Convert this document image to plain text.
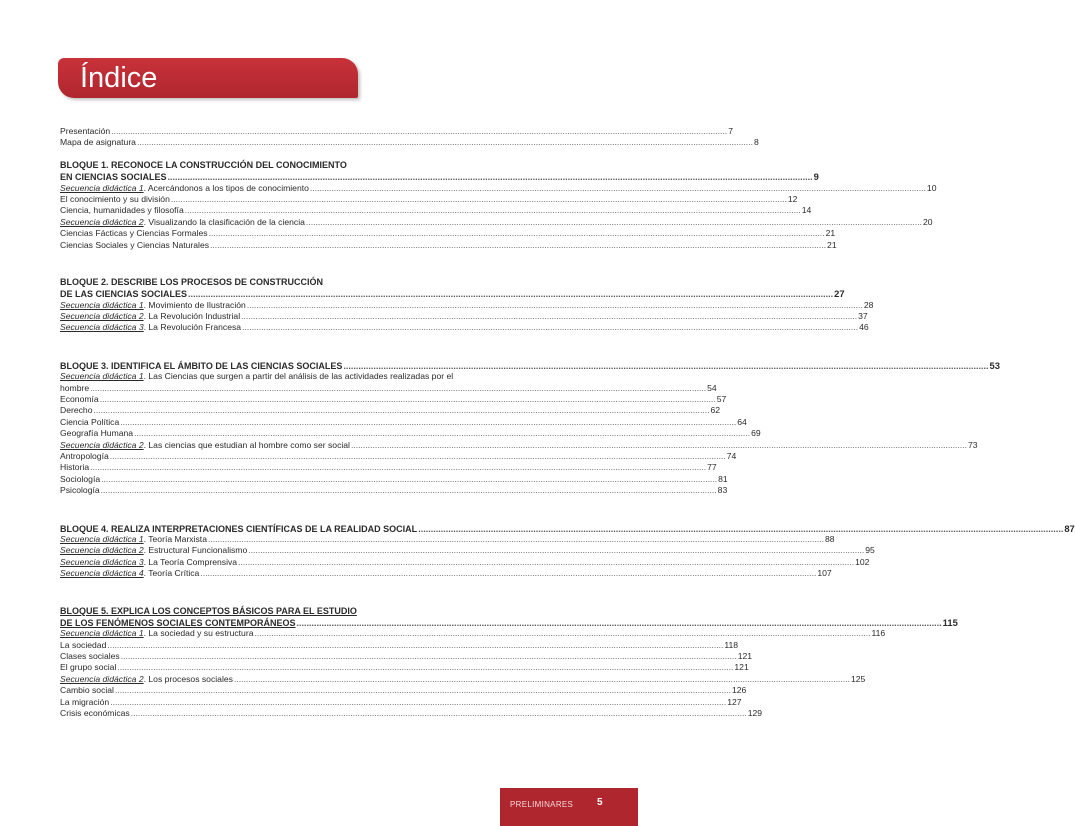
Índice
Presentación .....	7
Mapa de asignatura .....	8
BLOQUE 1. RECONOCE LA CONSTRUCCIÓN DEL CONOCIMIENTO
EN CIENCIAS SOCIALES .....	9
Secuencia didáctica 1. Acercándonos a los tipos de conocimiento .....	10
El conocimiento y su división .....	12
Ciencia, humanidades y filosofía .....	14
Secuencia didáctica 2. Visualizando la clasificación de la ciencia .....	20
Ciencias Fácticas y Ciencias Formales .....	21
Ciencias Sociales y Ciencias Naturales .....	21
BLOQUE 2. DESCRIBE LOS PROCESOS DE CONSTRUCCIÓN
DE LAS CIENCIAS SOCIALES .....	27
Secuencia didáctica 1. Movimiento de Ilustración .....	28
Secuencia didáctica 2. La Revolución Industrial .....	37
Secuencia didáctica 3. La Revolución Francesa .....	46
BLOQUE 3. IDENTIFICA EL ÁMBITO DE LAS CIENCIAS SOCIALES .....	53
Secuencia didáctica 1 . Las Ciencias que surgen a partir del análisis de las actividades realizadas por el
hombre .....	54
Economía .....	57
Derecho .....	62
Ciencia Política .....	64
Geografía Humana .....	69
Secuencia didáctica 2. Las ciencias que estudian al hombre como ser social .....	73
Antropología .....	74
Historia .....	77
Sociología .....	81
Psicología .....	83
BLOQUE 4. REALIZA INTERPRETACIONES CIENTÍFICAS DE LA REALIDAD SOCIAL .....	87
Secuencia didáctica 1. Teoría Marxista .....	88
Secuencia didáctica 2. Estructural Funcionalismo .....	95
Secuencia didáctica 3. La Teoría Comprensiva .....	102
Secuencia didáctica 4. Teoría Crítica .....	107
BLOQUE 5. EXPLICA LOS CONCEPTOS BÁSICOS PARA EL ESTUDIO
DE LOS FENÓMENOS SOCIALES CONTEMPORÁNEOS .....	115
Secuencia didáctica 1. La sociedad y su estructura .....	116
La sociedad .....	118
Clases sociales .....	121
El grupo social .....	121
Secuencia didáctica 2. Los procesos sociales .....	125
Cambio social .....	126
La migración .....	127
Crisis económicas .....	129
PRELIMINARES 5
